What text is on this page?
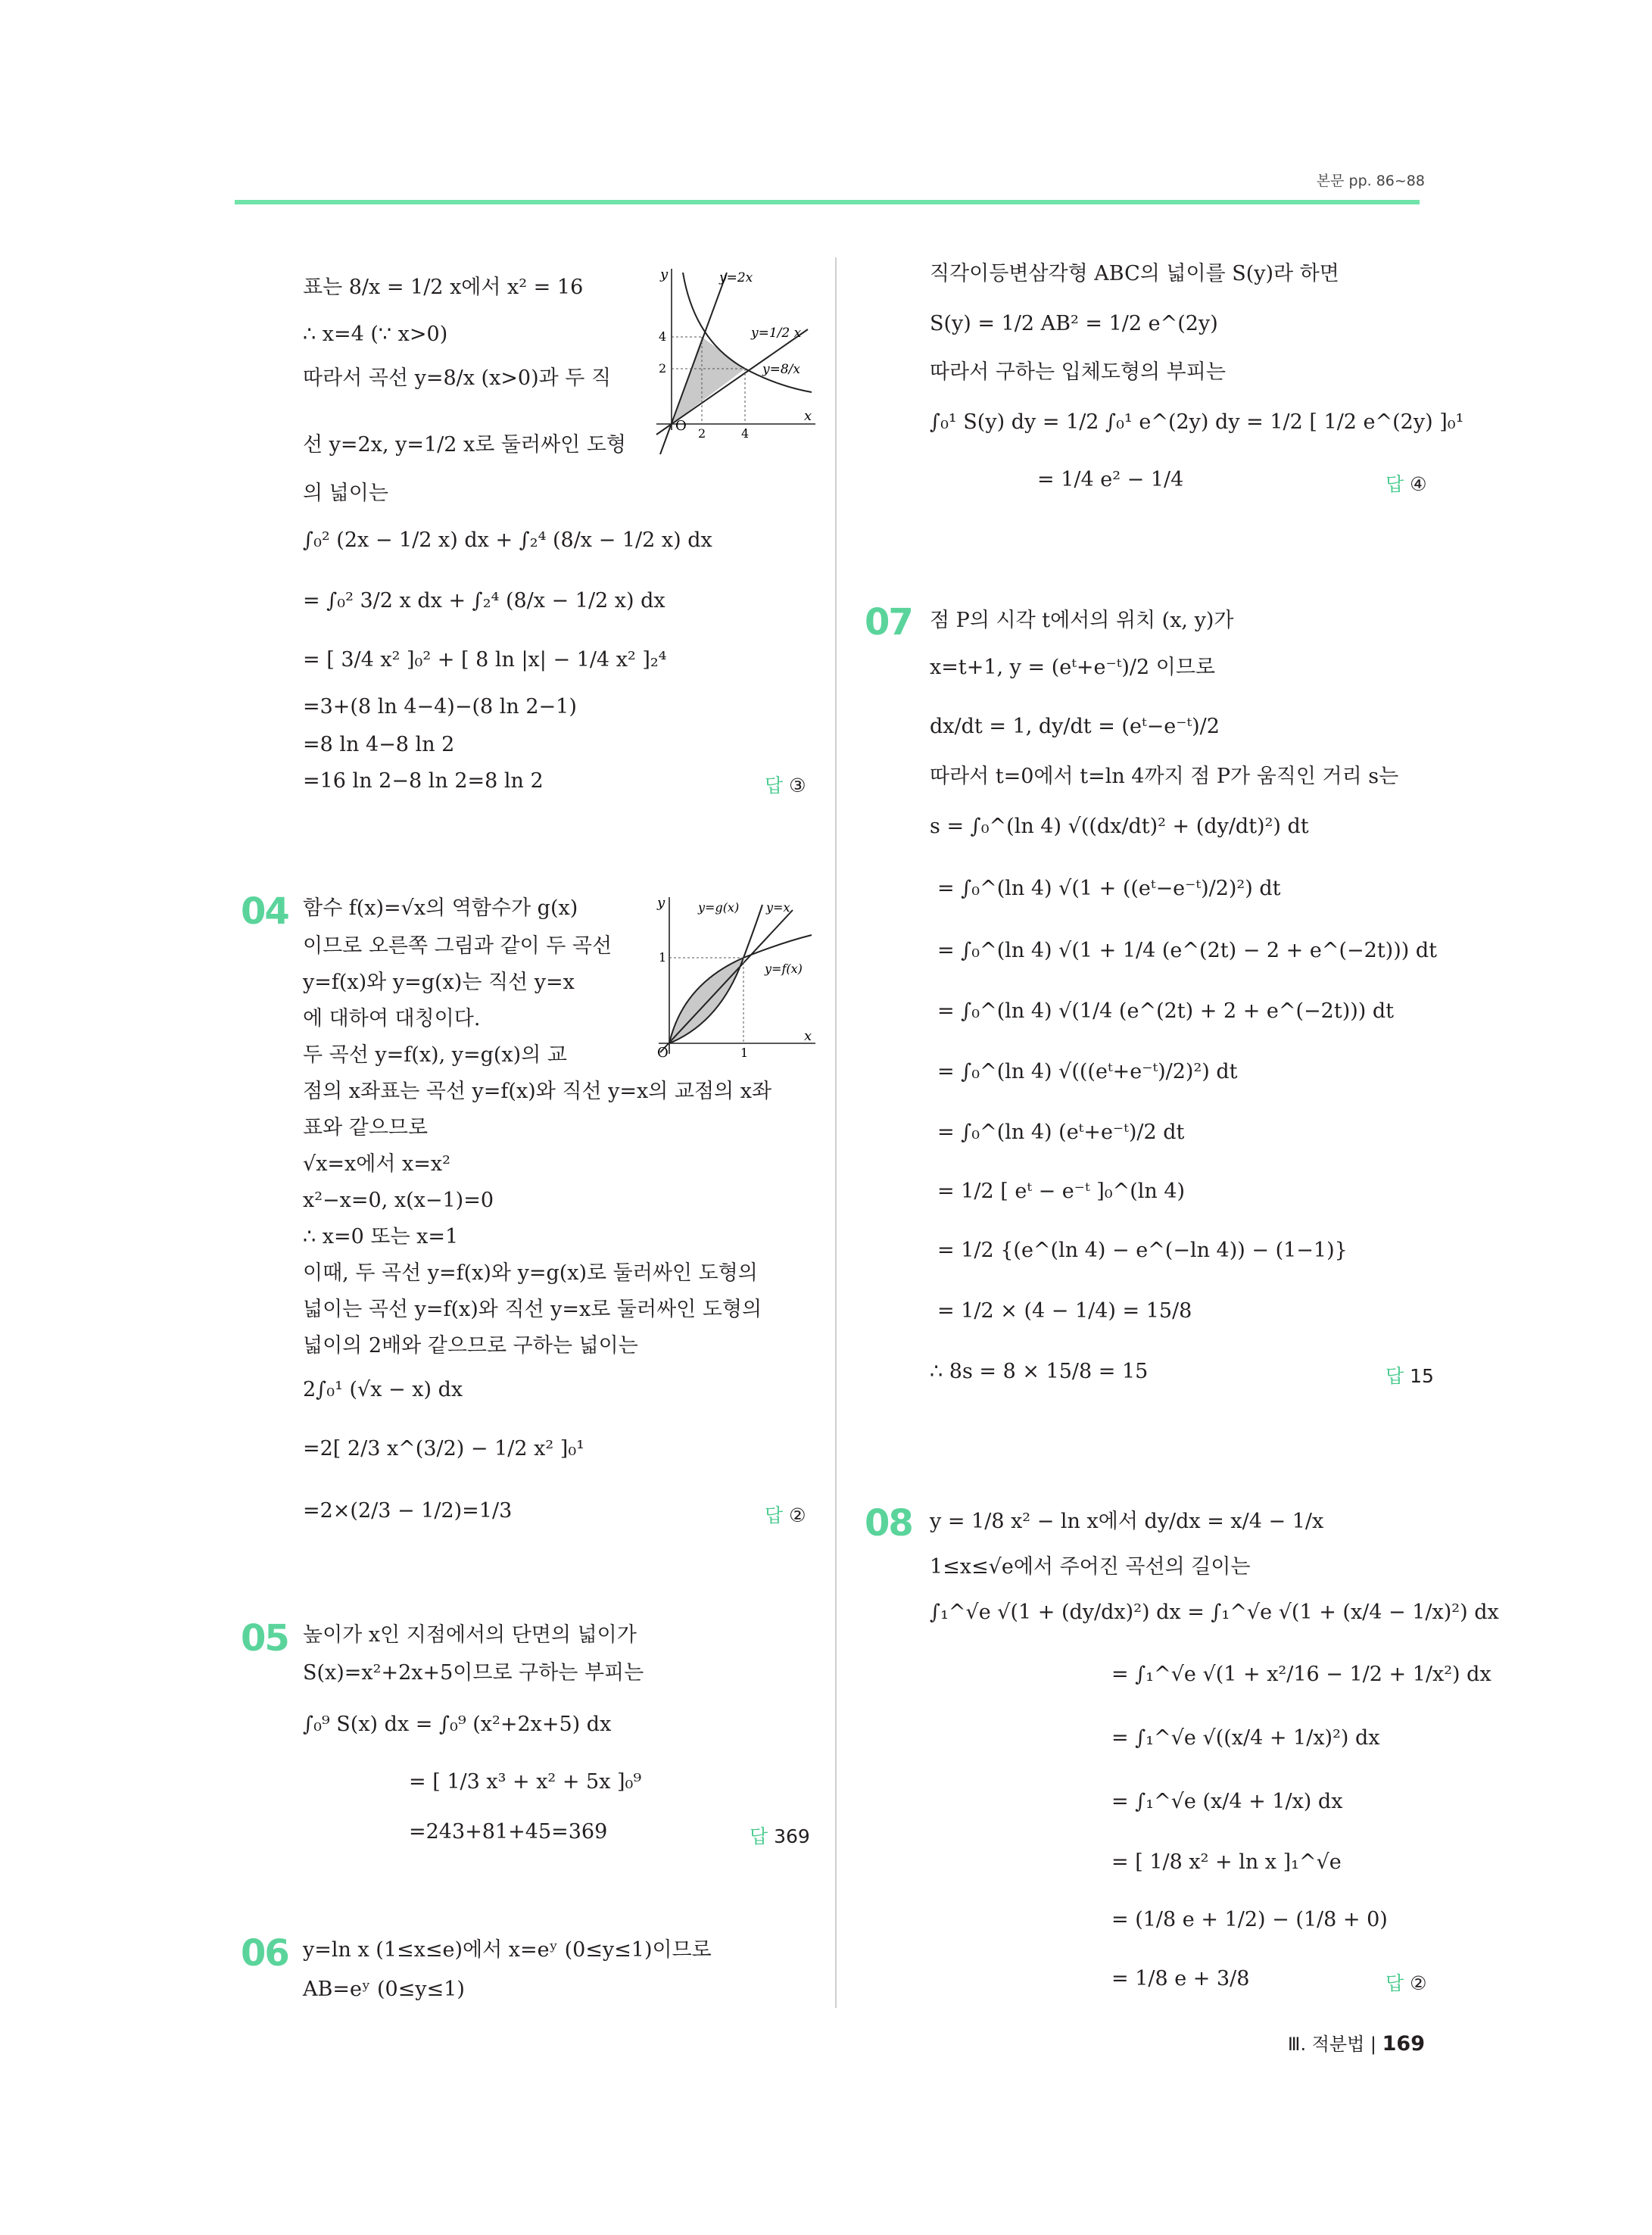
본문 pp. 86~88
표는 8/x = 1/2 x에서 x² = 16
∴ x=4 (∵ x>0)
따라서 곡선 y=8/x (x>0)과 두 직
선 y=2x, y=1/2 x로 둘러싸인 도형
의 넓이는
∫₀² (2x − 1/2 x) dx + ∫₂⁴ (8/x − 1/2 x) dx
= ∫₀² 3/2 x dx + ∫₂⁴ (8/x − 1/2 x) dx
= [ 3/4 x² ]₀² + [ 8 ln |x| − 1/4 x² ]₂⁴
=3+(8 ln 4−4)−(8 ln 2−1)
=8 ln 4−8 ln 2
=16 ln 2−8 ln 2=8 ln 2	답 ③
y
x
O
y=2x
y=1/2 x
y=8/x
4
2
2	4
04 함수 f(x)=√x의 역함수가 g(x)
이므로 오른쪽 그림과 같이 두 곡선
y=f(x)와 y=g(x)는 직선 y=x
에 대하여 대칭이다.
두 곡선 y=f(x), y=g(x)의 교
점의 x좌표는 곡선 y=f(x)와 직선 y=x의 교점의 x좌
표와 같으므로
√x=x에서 x=x²
x²−x=0, x(x−1)=0
∴ x=0 또는 x=1
이때, 두 곡선 y=f(x)와 y=g(x)로 둘러싸인 도형의
넓이는 곡선 y=f(x)와 직선 y=x로 둘러싸인 도형의
넓이의 2배와 같으므로 구하는 넓이는
2∫₀¹ (√x − x) dx
=2[ 2/3 x^(3/2) − 1/2 x² ]₀¹
=2×(2/3 − 1/2)=1/3	답 ②
y
x
O
1
1
y=g(x) y=x
y=f(x)
05 높이가 x인 지점에서의 단면의 넓이가
S(x)=x²+2x+5이므로 구하는 부피는
∫₀⁹ S(x) dx = ∫₀⁹ (x²+2x+5) dx
= [ 1/3 x³ + x² + 5x ]₀⁹
=243+81+45=369	답 369
06 y=ln x (1≤x≤e)에서 x=eʸ (0≤y≤1)이므로
AB=eʸ (0≤y≤1)
직각이등변삼각형 ABC의 넓이를 S(y)라 하면
S(y) = 1/2 AB² = 1/2 e^(2y)
따라서 구하는 입체도형의 부피는
∫₀¹ S(y) dy = 1/2 ∫₀¹ e^(2y) dy = 1/2 [ 1/2 e^(2y) ]₀¹
= 1/4 e² − 1/4	답 ④
07 점 P의 시각 t에서의 위치 (x, y)가
x=t+1, y = (eᵗ+e⁻ᵗ)/2 이므로
dx/dt = 1, dy/dt = (eᵗ−e⁻ᵗ)/2
따라서 t=0에서 t=ln 4까지 점 P가 움직인 거리 s는
s = ∫₀^(ln 4) √((dx/dt)² + (dy/dt)²) dt
= ∫₀^(ln 4) √(1 + ((eᵗ−e⁻ᵗ)/2)²) dt
= ∫₀^(ln 4) √(1 + 1/4 (e^(2t) − 2 + e^(−2t))) dt
= ∫₀^(ln 4) √(1/4 (e^(2t) + 2 + e^(−2t))) dt
= ∫₀^(ln 4) √(((eᵗ+e⁻ᵗ)/2)²) dt
= ∫₀^(ln 4) (eᵗ+e⁻ᵗ)/2 dt
= 1/2 [ eᵗ − e⁻ᵗ ]₀^(ln 4)
= 1/2 {(e^(ln 4) − e^(−ln 4)) − (1−1)}
= 1/2 × (4 − 1/4) = 15/8
∴ 8s = 8 × 15/8 = 15	답 15
08 y = 1/8 x² − ln x에서 dy/dx = x/4 − 1/x
1≤x≤√e에서 주어진 곡선의 길이는
∫₁^√e √(1 + (dy/dx)²) dx = ∫₁^√e √(1 + (x/4 − 1/x)²) dx
= ∫₁^√e √(1 + x²/16 − 1/2 + 1/x²) dx
= ∫₁^√e √((x/4 + 1/x)²) dx
= ∫₁^√e (x/4 + 1/x) dx
= [ 1/8 x² + ln x ]₁^√e
= (1/8 e + 1/2) − (1/8 + 0)
= 1/8 e + 3/8	답 ②
Ⅲ. 적분법 | 169
